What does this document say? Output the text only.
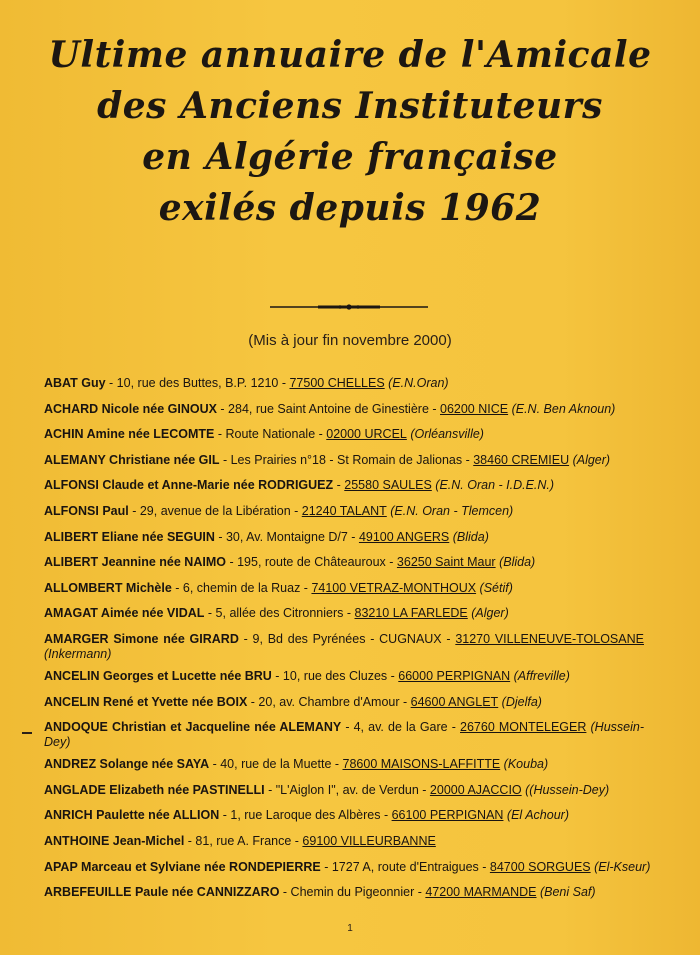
Ultime annuaire de l'Amicale
des Anciens Instituteurs
en Algérie française
exilés depuis 1962
(Mis à jour fin novembre 2000)
ABAT Guy - 10, rue des Buttes, B.P. 1210 - 77500 CHELLES (E.N.Oran)
ACHARD Nicole née GINOUX - 284, rue Saint Antoine de Ginestière - 06200 NICE (E.N. Ben Aknoun)
ACHIN Amine née LECOMTE - Route Nationale - 02000 URCEL (Orléansville)
ALEMANY Christiane née GIL - Les Prairies n°18 - St Romain de Jalionas - 38460 CREMIEU (Alger)
ALFONSI Claude et Anne-Marie née RODRIGUEZ - 25580 SAULES (E.N. Oran - I.D.E.N.)
ALFONSI Paul - 29, avenue de la Libération - 21240 TALANT (E.N. Oran - Tlemcen)
ALIBERT Eliane née SEGUIN - 30, Av. Montaigne D/7 - 49100 ANGERS (Blida)
ALIBERT Jeannine née NAIMO - 195, route de Châteauroux - 36250 Saint Maur (Blida)
ALLOMBERT Michèle - 6, chemin de la Ruaz - 74100 VETRAZ-MONTHOUX (Sétif)
AMAGAT Aimée née VIDAL - 5, allée des Citronniers - 83210 LA FARLEDE (Alger)
AMARGER Simone née GIRARD - 9, Bd des Pyrénées - CUGNAUX - 31270 VILLENEUVE-TOLOSANE (Inkermann)
ANCELIN Georges et Lucette née BRU - 10, rue des Cluzes - 66000 PERPIGNAN (Affreville)
ANCELIN René et Yvette née BOIX - 20, av. Chambre d'Amour - 64600 ANGLET (Djelfa)
ANDOQUE Christian et Jacqueline née ALEMANY - 4, av. de la Gare - 26760 MONTELEGER (Hussein-Dey)
ANDREZ Solange née SAYA - 40, rue de la Muette - 78600 MAISONS-LAFFITTE (Kouba)
ANGLADE Elizabeth née PASTINELLI - "L'Aiglon I", av. de Verdun - 20000 AJACCIO ((Hussein-Dey)
ANRICH Paulette née ALLION - 1, rue Laroque des Albères - 66100 PERPIGNAN (El Achour)
ANTHOINE Jean-Michel - 81, rue A. France - 69100 VILLEURBANNE
APAP Marceau et Sylviane née RONDEPIERRE - 1727 A, route d'Entraigues - 84700 SORGUES (El-Kseur)
ARBEFEUILLE Paule née CANNIZZARO - Chemin du Pigeonnier - 47200 MARMANDE (Beni Saf)
1
